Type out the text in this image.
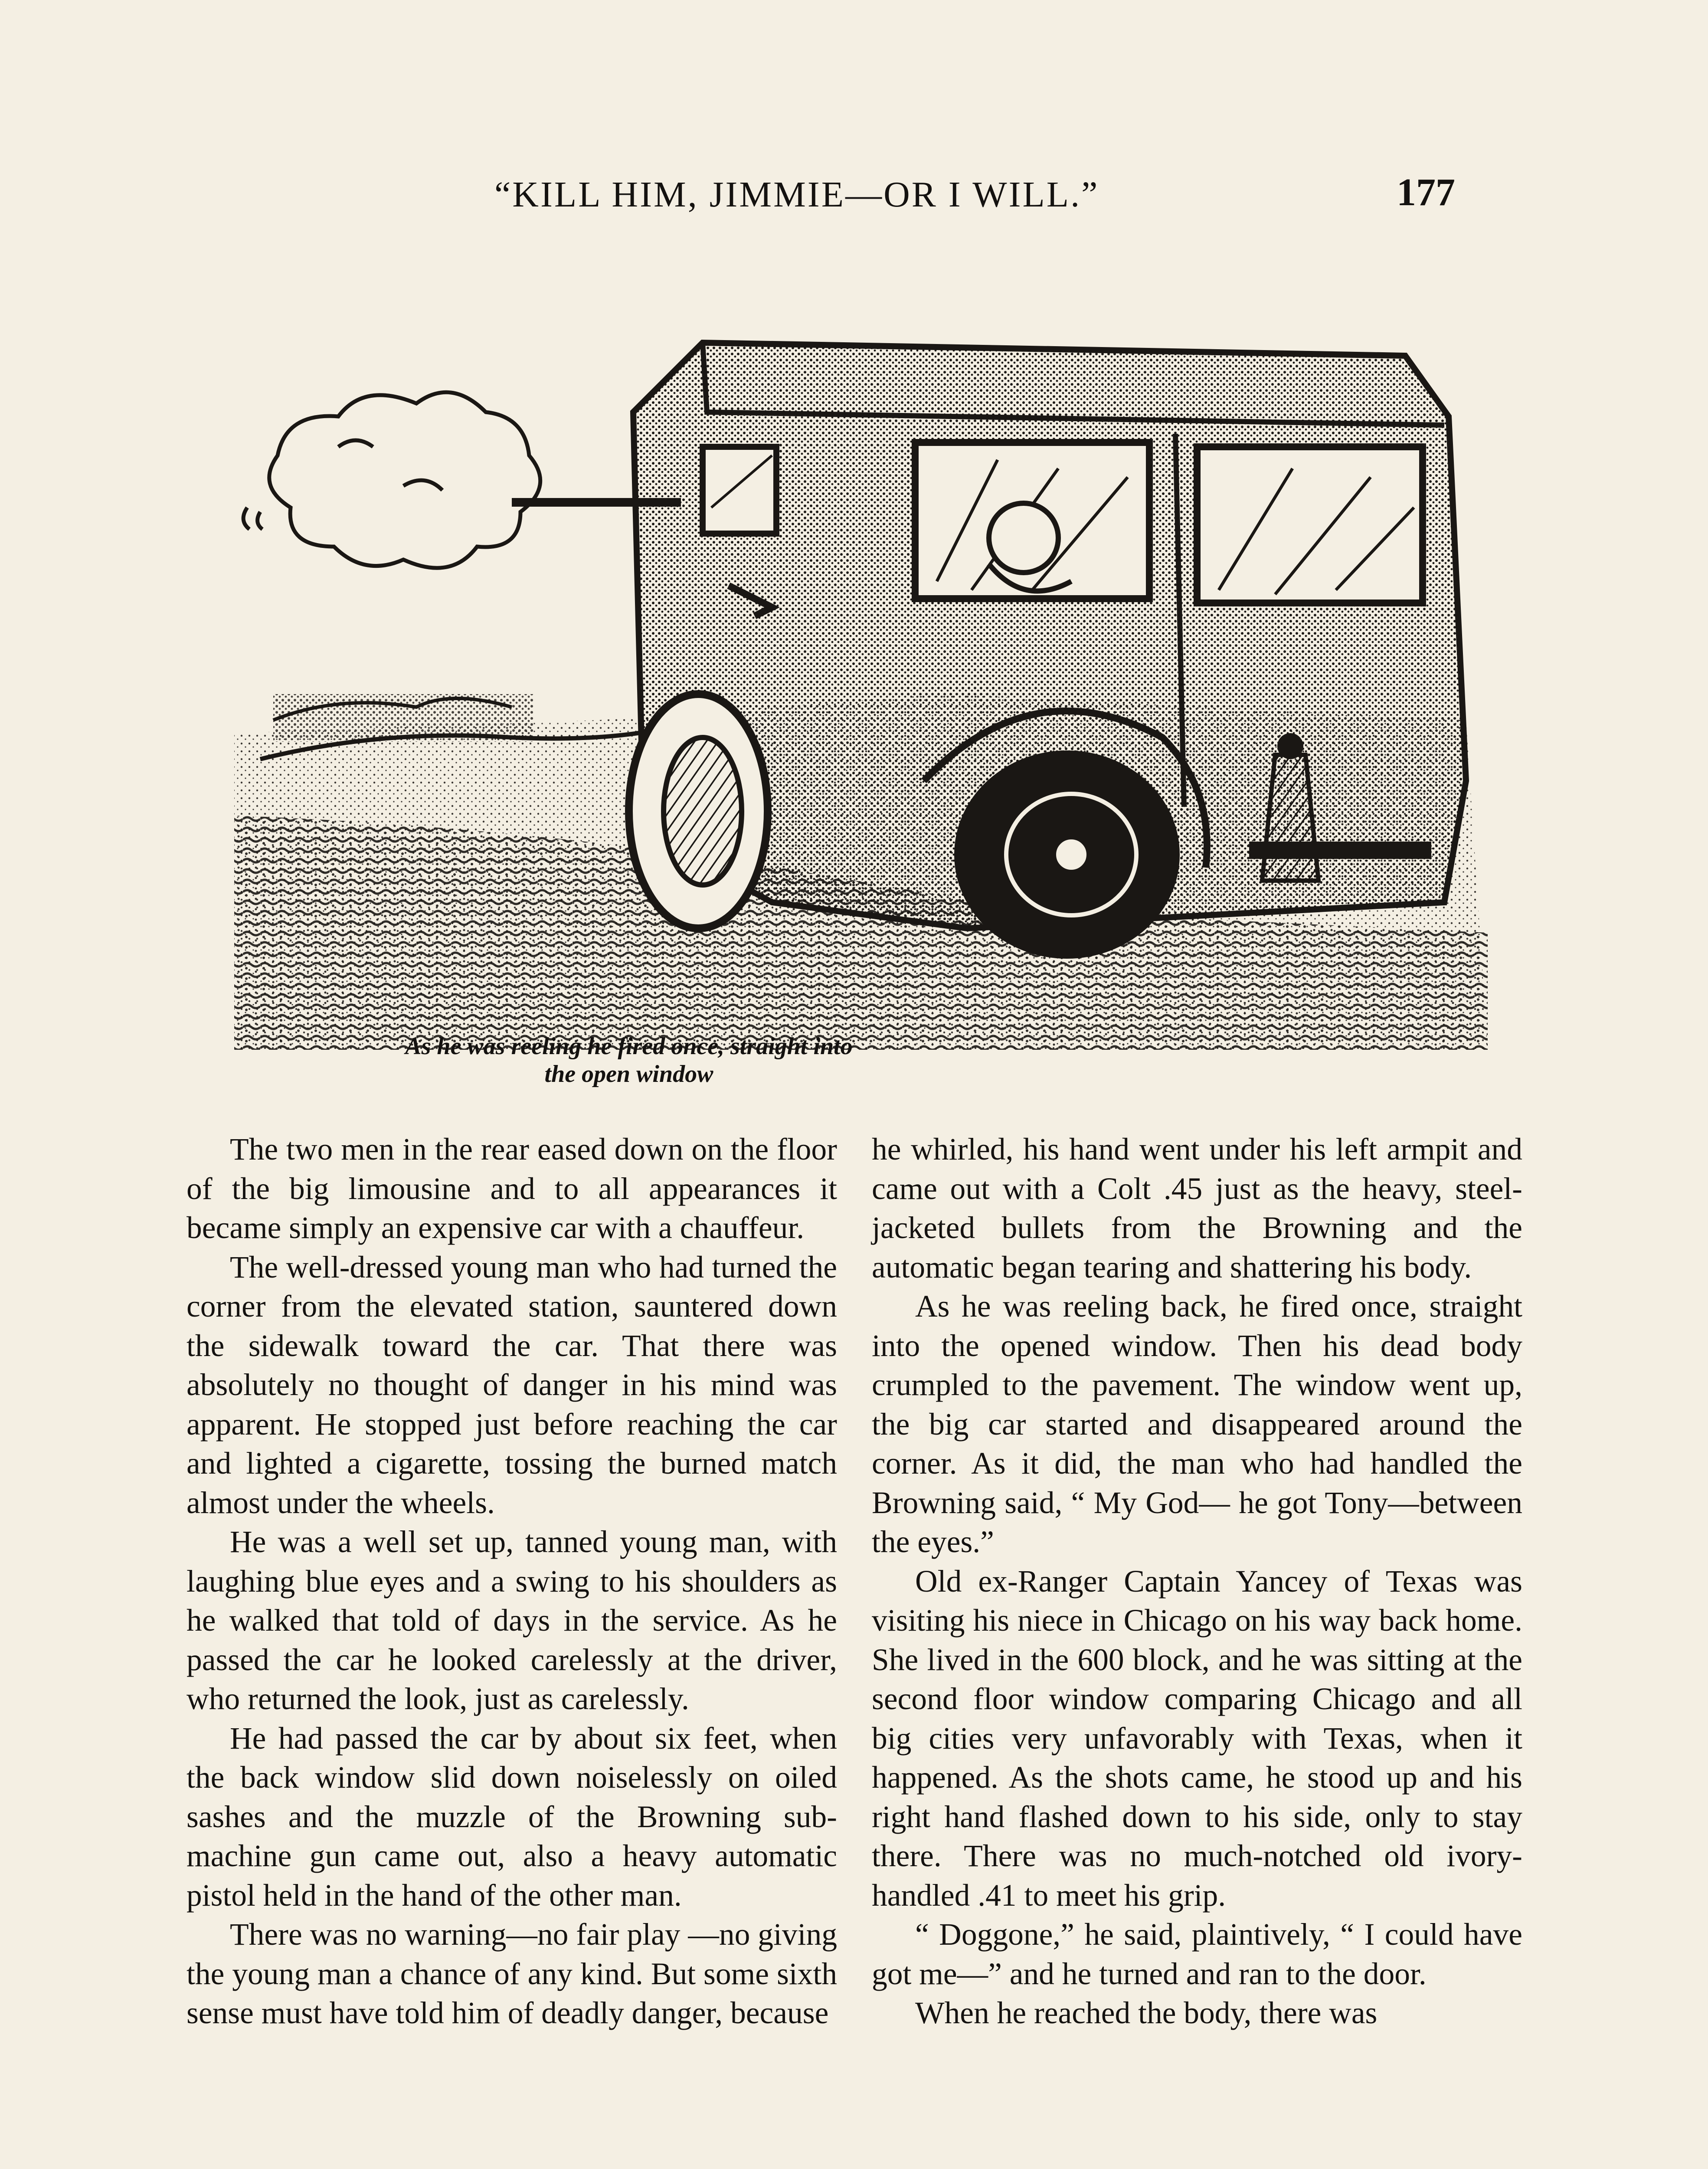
“KILL HIM, JIMMIE—OR I WILL.”	177
As he was reeling he fired once, straight into
the open window

The two men in the rear eased down on the floor of the big limousine and to all appearances it became simply an expensive car with a chauffeur.

The well-dressed young man who had turned the corner from the elevated station, sauntered down the sidewalk toward the car. That there was absolutely no thought of danger in his mind was apparent. He stopped just before reaching the car and lighted a cigarette, tossing the burned match almost under the wheels.

He was a well set up, tanned young man, with laughing blue eyes and a swing to his shoulders as he walked that told of days in the service. As he passed the car he looked carelessly at the driver, who returned the look, just as carelessly.

He had passed the car by about six feet, when the back window slid down noiselessly on oiled sashes and the muzzle of the Browning sub-machine gun came out, also a heavy automatic pistol held in the hand of the other man.

There was no warning—no fair play —no giving the young man a chance of any kind. But some sixth sense must have told him of deadly danger, because

he whirled, his hand went under his left armpit and came out with a Colt .45 just as the heavy, steel-jacketed bullets from the Browning and the automatic began tearing and shattering his body.

As he was reeling back, he fired once, straight into the opened window. Then his dead body crumpled to the pavement. The window went up, the big car started and disappeared around the corner. As it did, the man who had handled the Browning said, “ My God— he got Tony—between the eyes.”

Old ex-Ranger Captain Yancey of Texas was visiting his niece in Chicago on his way back home. She lived in the 600 block, and he was sitting at the second floor window comparing Chicago and all big cities very unfavorably with Texas, when it happened. As the shots came, he stood up and his right hand flashed down to his side, only to stay there. There was no much-notched old ivory-handled .41 to meet his grip.

“ Doggone,” he said, plaintively, “ I could have got me—” and he turned and ran to the door.

When he reached the body, there was
